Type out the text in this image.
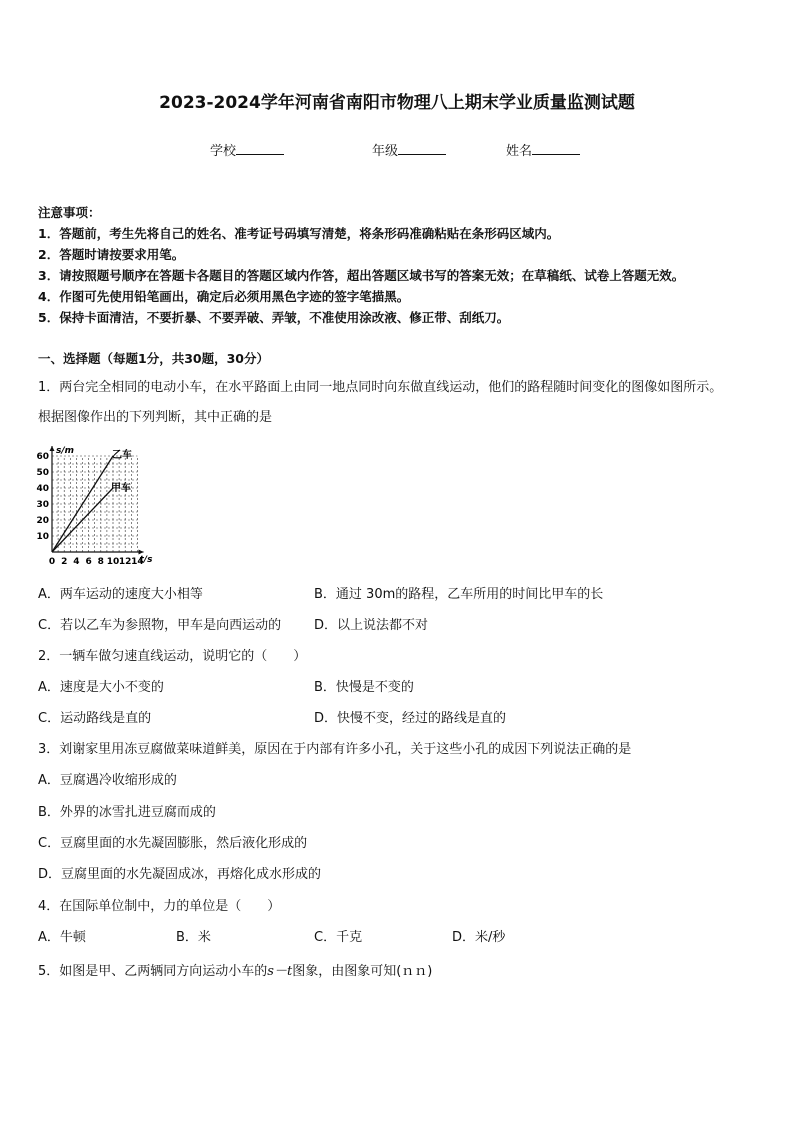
2023-2024学年河南省南阳市物理八上期末学业质量监测试题
学校	年级	姓名
注意事项：
1．答题前，考生先将自己的姓名、准考证号码填写清楚，将条形码准确粘贴在条形码区域内。
2．答题时请按要求用笔。
3．请按照题号顺序在答题卡各题目的答题区域内作答，超出答题区域书写的答案无效；在草稿纸、试卷上答题无效。
4．作图可先使用铅笔画出，确定后必须用黑色字迹的签字笔描黑。
5．保持卡面清洁，不要折暴、不要弄破、弄皱，不准使用涂改液、修正带、刮纸刀。
一、选择题（每题1分，共30题，30分）
1．两台完全相同的电动小车，在水平路面上由同一地点同时向东做直线运动，他们的路程随时间变化的图像如图所示。
根据图像作出的下列判断，其中正确的是
0 2 4 6 8 10 12 14
10
20
30
40
50
60
s/m
t/s
乙车
甲车
A．两车运动的速度大小相等	B．通过 30m的路程，乙车所用的时间比甲车的长
C．若以乙车为参照物，甲车是向西运动的	D．以上说法都不对
2．一辆车做匀速直线运动，说明它的（　　）
A．速度是大小不变的	B．快慢是不变的
C．运动路线是直的	D．快慢不变，经过的路线是直的
3．刘谢家里用冻豆腐做菜味道鲜美，原因在于内部有许多小孔，关于这些小孔的成因下列说法正确的是
A．豆腐遇冷收缩形成的
B．外界的冰雪扎进豆腐而成的
C．豆腐里面的水先凝固膨胀，然后液化形成的
D．豆腐里面的水先凝固成冰，再熔化成水形成的
4．在国际单位制中，力的单位是（　　）
A．牛顿	B．米	C．千克	D．米/秒
5．如图是甲、乙两辆同方向运动小车的s－t图象，由图象可知(ｎｎ)
